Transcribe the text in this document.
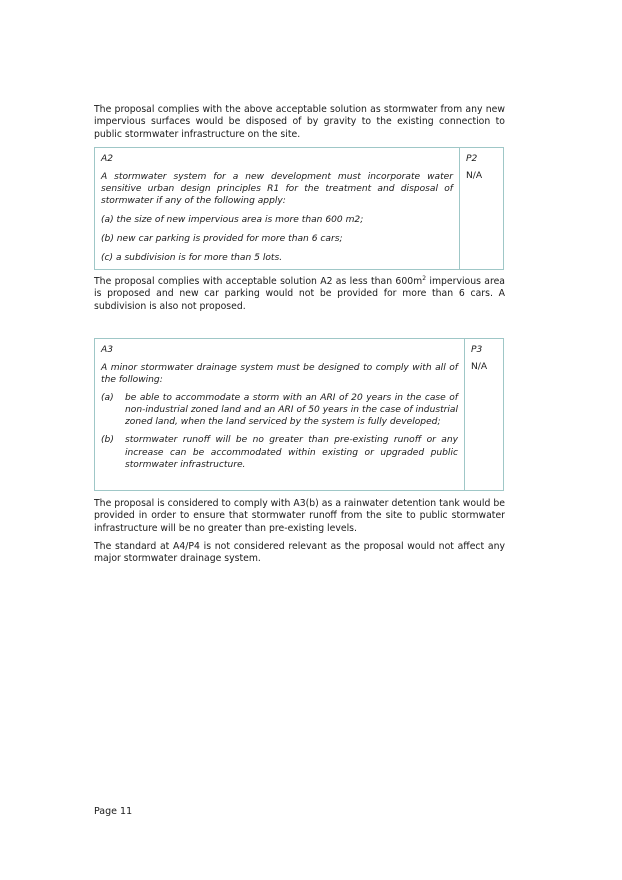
The proposal complies with the above acceptable solution as stormwater from any new impervious surfaces would be disposed of by gravity to the existing connection to public stormwater infrastructure on the site.

A2

A stormwater system for a new development must incorporate water sensitive urban design principles R1 for the treatment and disposal of stormwater if any of the following apply:

(a) the size of new impervious area is more than 600 m2;

(b) new car parking is provided for more than 6 cars;

(c) a subdivision is for more than 5 lots.

P2

N/A

The proposal complies with acceptable solution A2 as less than $600m^2$ impervious area is proposed and new car parking would not be provided for more than 6 cars. A subdivision is also not proposed.

A3

A minor stormwater drainage system must be designed to comply with all of the following:

(a)	be able to accommodate a storm with an ARI of 20 years in the case of non-industrial zoned land and an ARI of 50 years in the case of industrial zoned land, when the land serviced by the system is fully developed;
(b)	stormwater runoff will be no greater than pre-existing runoff or any increase can be accommodated within existing or upgraded public stormwater infrastructure.

P3

N/A

The proposal is considered to comply with A3(b) as a rainwater detention tank would be provided in order to ensure that stormwater runoff from the site to public stormwater infrastructure will be no greater than pre-existing levels.

The standard at A4/P4 is not considered relevant as the proposal would not affect any major stormwater drainage system.

Page 11
